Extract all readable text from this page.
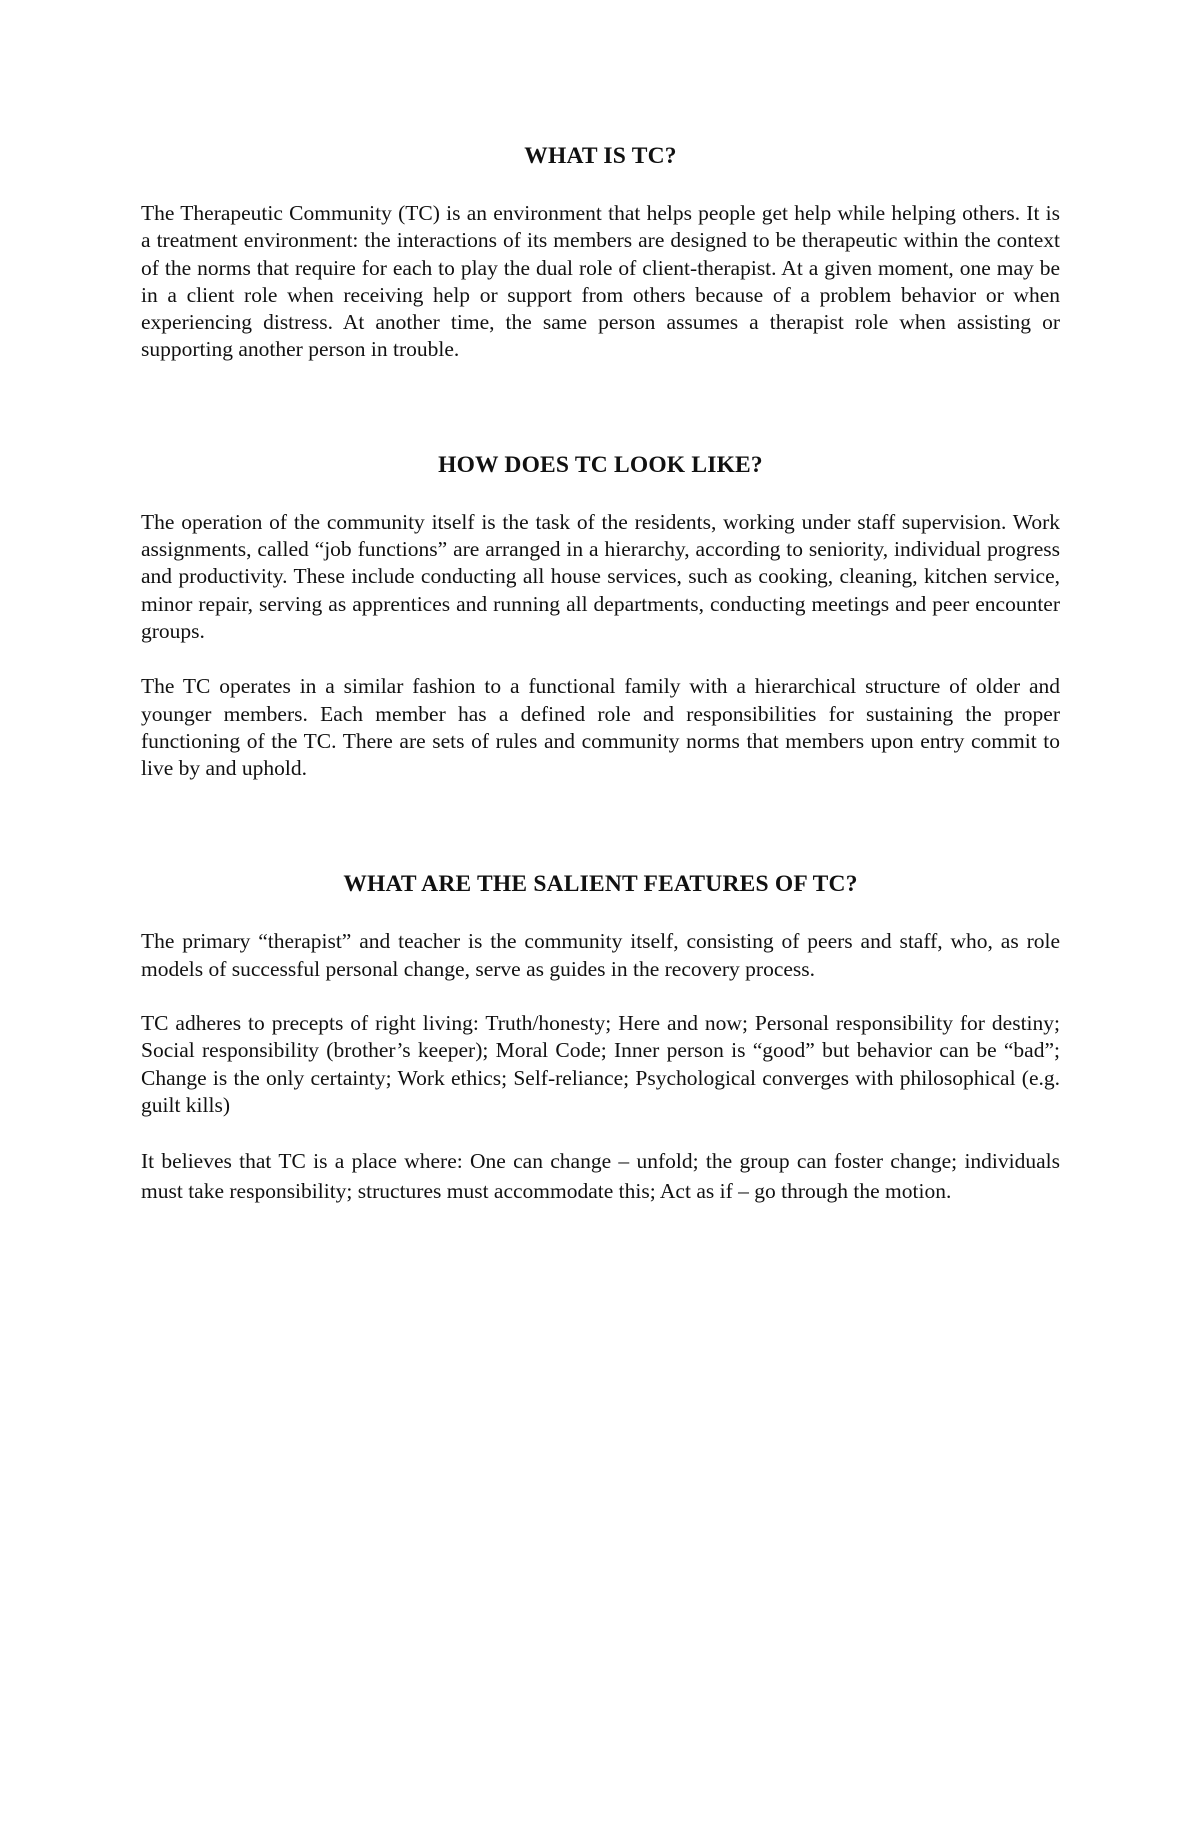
WHAT IS TC?

The Therapeutic Community (TC) is an environment that helps people get help while helping others. It is a treatment environment: the interactions of its members are designed to be therapeutic within the context of the norms that require for each to play the dual role of client-therapist. At a given moment, one may be in a client role when receiving help or support from others because of a problem behavior or when experiencing distress. At another time, the same person assumes a therapist role when assisting or supporting another person in trouble.

HOW DOES TC LOOK LIKE?

The operation of the community itself is the task of the residents, working under staff supervision. Work assignments, called “job functions” are arranged in a hierarchy, according to seniority, individual progress and productivity. These include conducting all house services, such as cooking, cleaning, kitchen service, minor repair, serving as apprentices and running all departments, conducting meetings and peer encounter groups.

The TC operates in a similar fashion to a functional family with a hierarchical structure of older and younger members. Each member has a defined role and responsibilities for sustaining the proper functioning of the TC. There are sets of rules and community norms that members upon entry commit to live by and uphold.

WHAT ARE THE SALIENT FEATURES OF TC?

The primary “therapist” and teacher is the community itself, consisting of peers and staff, who, as role models of successful personal change, serve as guides in the recovery process.

TC adheres to precepts of right living: Truth/honesty; Here and now; Personal responsibility for destiny; Social responsibility (brother’s keeper); Moral Code; Inner person is “good” but behavior can be “bad”; Change is the only certainty; Work ethics; Self-reliance; Psychological converges with philosophical (e.g. guilt kills)

It believes that TC is a place where: One can change – unfold; the group can foster change; individuals must take responsibility; structures must accommodate this; Act as if – go through the motion.
